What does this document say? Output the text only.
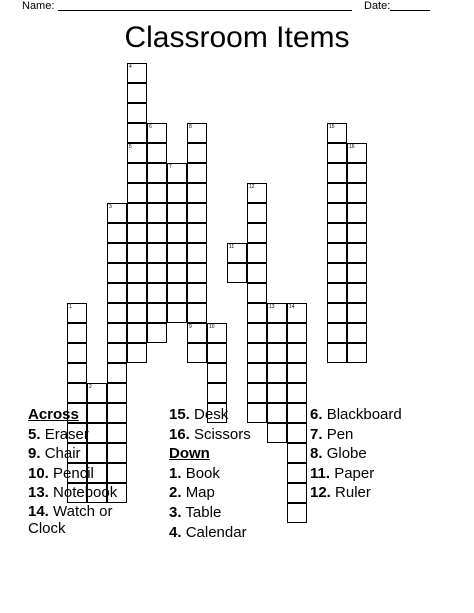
Name:	Date:
Classroom Items
1
2
3
4
5
6
7
8
9	10
11
12
13	14
15
16
Across
5. Eraser
9. Chair
10. Pencil
13. Notebook
14. Watch or Clock
15. Desk
16. Scissors
Down
1. Book
2. Map
3. Table
4. Calendar
6. Blackboard
7. Pen
8. Globe
11. Paper
12. Ruler
